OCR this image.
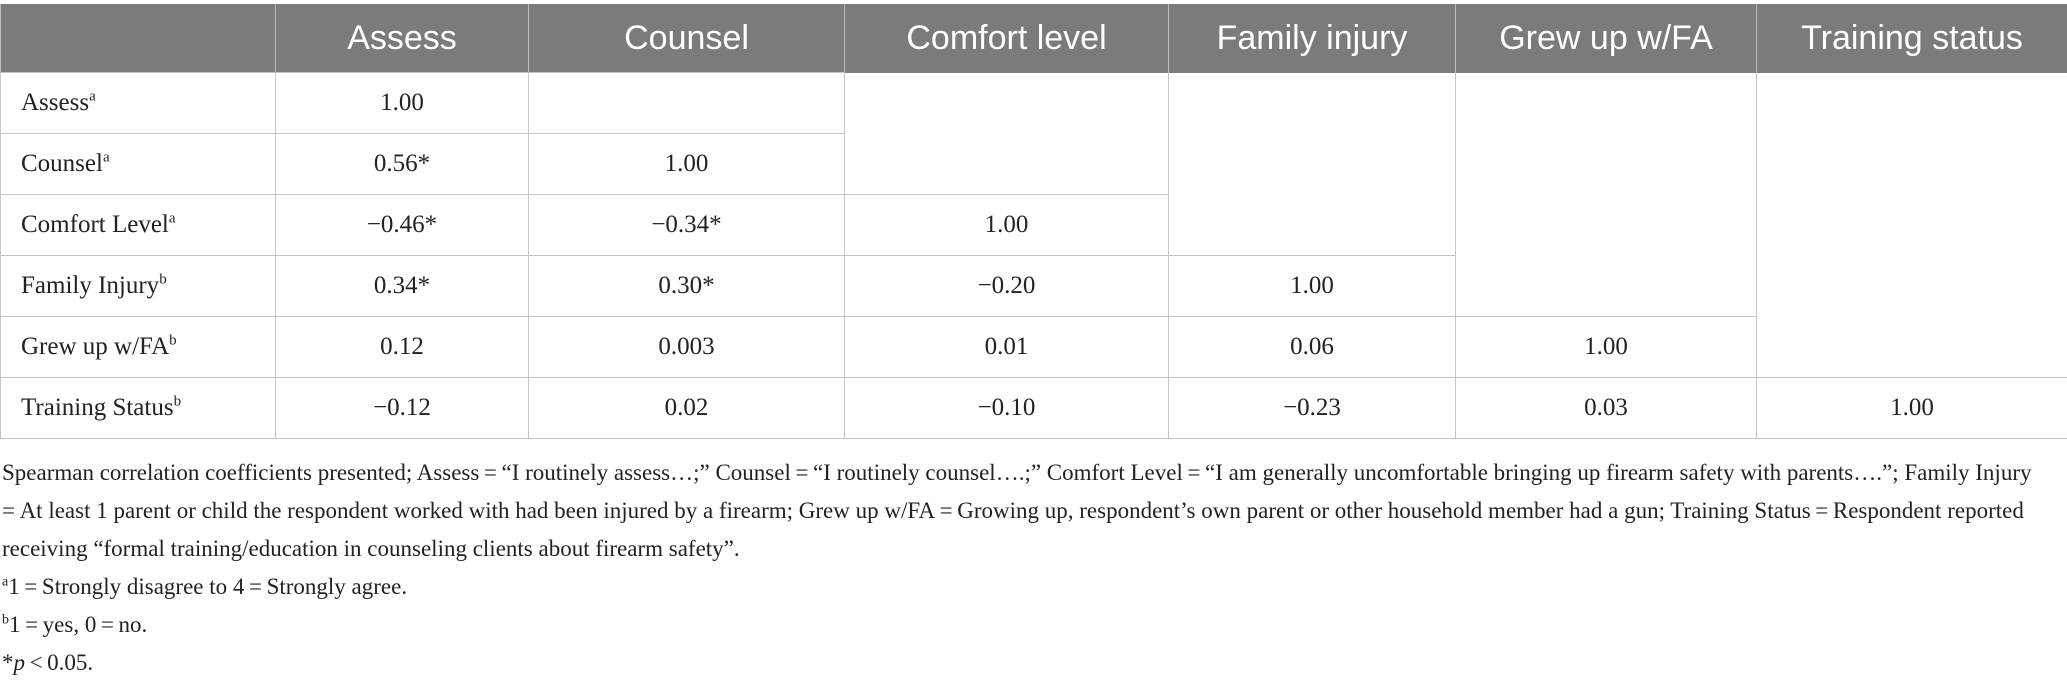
	Assess	Counsel	Comfort level	Family injury	Grew up w/FA	Training status
Assess$^a$	1.00					
Counsel$^a$	0.56*	1.00				
Comfort Level$^a$	−0.46*	−0.34*	1.00			
Family Injury$^b$	0.34*	0.30*	−0.20	1.00		
Grew up $w/FA^b$	0.12	0.003	0.01	0.06	1.00	
Training Status$^b$	−0.12	0.02	−0.10	−0.23	0.03	1.00

Spearman correlation coefficients presented; Assess = “I routinely assess…;” Counsel = “I routinely counsel….;” Comfort Level = “I am generally uncomfortable bringing up firearm safety with parents….”; Family Injury = At least 1 parent or child the respondent worked with had been injured by a firearm; Grew up w/FA = Growing up, respondent’s own parent or other household member had a gun; Training Status = Respondent reported receiving “formal training/education in counseling clients about firearm safety”.

$^a$1 = Strongly disagree to 4 = Strongly agree.

$^b$1 = yes, 0 = no.

*p < 0.05.
